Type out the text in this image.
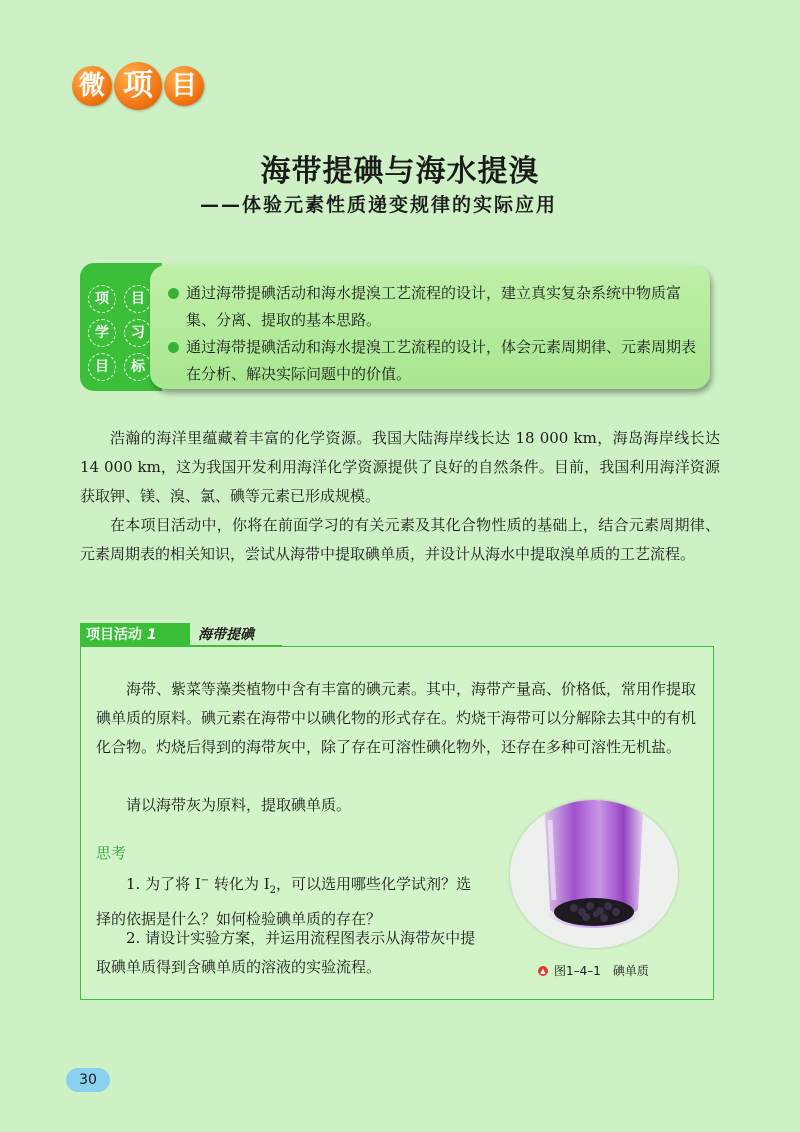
微 项 目
海带提碘与海水提溴
——体验元素性质递变规律的实际应用
项	目
学	习
目	标
通过海带提碘活动和海水提溴工艺流程的设计，建立真实复杂系统中物质富集、分离、提取的基本思路。
通过海带提碘活动和海水提溴工艺流程的设计，体会元素周期律、元素周期表在分析、解决实际问题中的价值。
浩瀚的海洋里蕴藏着丰富的化学资源。我国大陆海岸线长达 18 000 km，海岛海岸线长达 14 000 km，这为我国开发利用海洋化学资源提供了良好的自然条件。目前，我国利用海洋资源获取钾、镁、溴、氯、碘等元素已形成规模。
在本项目活动中，你将在前面学习的有关元素及其化合物性质的基础上，结合元素周期律、元素周期表的相关知识，尝试从海带中提取碘单质，并设计从海水中提取溴单质的工艺流程。
项目活动 1	海带提碘
海带、紫菜等藻类植物中含有丰富的碘元素。其中，海带产量高、价格低，常用作提取碘单质的原料。碘元素在海带中以碘化物的形式存在。灼烧干海带可以分解除去其中的有机化合物。灼烧后得到的海带灰中，除了存在可溶性碘化物外，还存在多种可溶性无机盐。
请以海带灰为原料，提取碘单质。
思考
1. 为了将 I− 转化为 $I_2$，可以选用哪些化学试剂？选择的依据是什么？如何检验碘单质的存在？
2. 请设计实验方案，并运用流程图表示从海带灰中提取碘单质得到含碘单质的溶液的实验流程。	▲ 图1–4–1　碘单质
30
